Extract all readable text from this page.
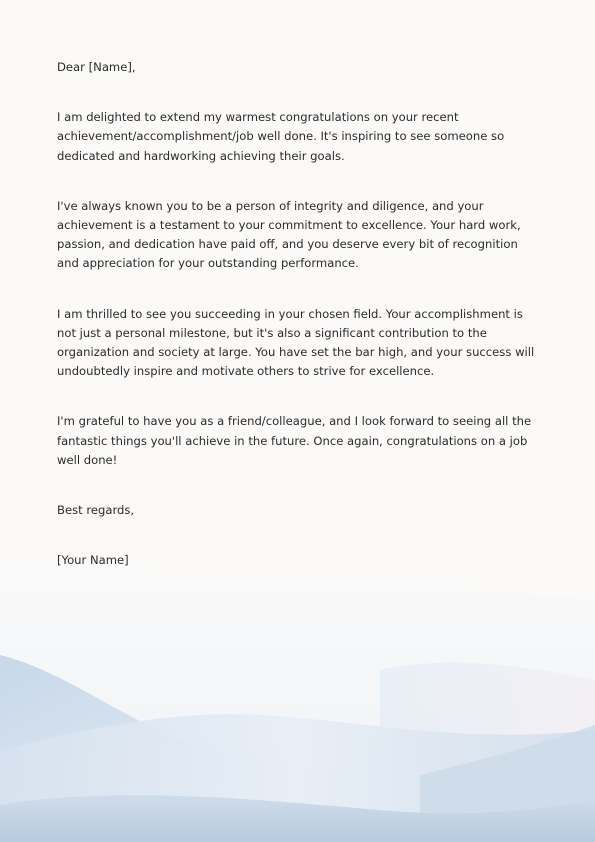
Dear [Name],

I am delighted to extend my warmest congratulations on your recent achievement/accomplishment/job well done. It's inspiring to see someone so dedicated and hardworking achieving their goals.

I've always known you to be a person of integrity and diligence, and your achievement is a testament to your commitment to excellence. Your hard work, passion, and dedication have paid off, and you deserve every bit of recognition and appreciation for your outstanding performance.

I am thrilled to see you succeeding in your chosen field. Your accomplishment is not just a personal milestone, but it's also a significant contribution to the organization and society at large. You have set the bar high, and your success will undoubtedly inspire and motivate others to strive for excellence.

I'm grateful to have you as a friend/colleague, and I look forward to seeing all the fantastic things you'll achieve in the future. Once again, congratulations on a job well done!

Best regards,

[Your Name]
